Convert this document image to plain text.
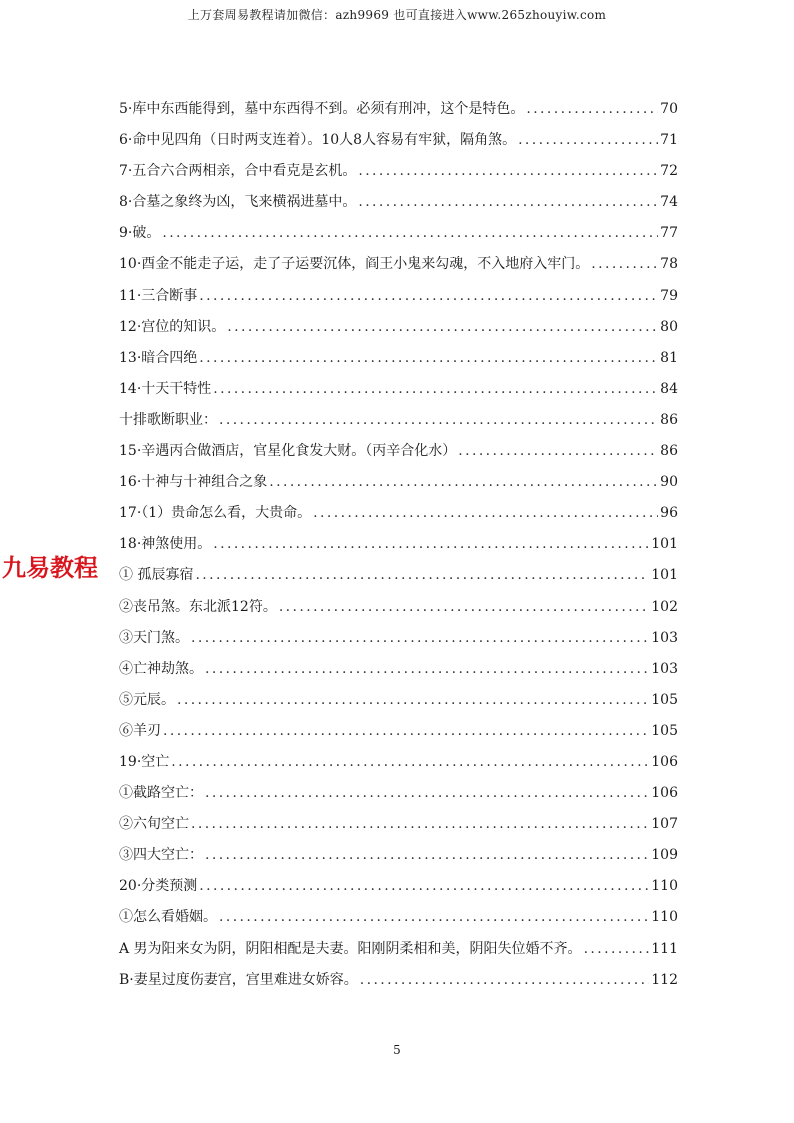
上万套周易教程请加微信：azh9969 也可直接进入www.265zhouyiw.com
九易教程
5·库中东西能得到，墓中东西得不到。必须有刑冲，这个是特色。 .....	70
6·命中见四角（日时两支连着）。10人8人容易有牢狱，隔角煞。 .....	71
7·五合六合两相亲，合中看克是玄机。 .....	72
8·合墓之象终为凶，飞来横祸进墓中。 .....	74
9·破。 .....	77
10·酉金不能走子运，走了子运要沉体，阎王小鬼来勾魂，不入地府入牢门。 .....	78
11·三合断事 .....	79
12·宫位的知识。 .....	80
13·暗合四绝 .....	81
14·十天干特性 .....	84
十排歌断职业： .....	86
15·辛遇丙合做酒店，官星化食发大财。（丙辛合化水） .....	86
16·十神与十神组合之象 .....	90
17·（1）贵命怎么看，大贵命。 .....	96
18·神煞使用。 .....	101
① 孤辰寡宿 .....	101
②丧吊煞。东北派12符。 .....	102
③天门煞。 .....	103
④亡神劫煞。 .....	103
⑤元辰。 .....	105
⑥羊刃 .....	105
19·空亡 .....	106
①截路空亡： .....	106
②六旬空亡 .....	107
③四大空亡： .....	109
20·分类预测 .....	110
①怎么看婚姻。 .....	110
A 男为阳来女为阴，阴阳相配是夫妻。阳刚阴柔相和美，阴阳失位婚不齐。 .....	111
B·妻星过度伤妻宫，宫里难进女娇容。 .....	112
5
